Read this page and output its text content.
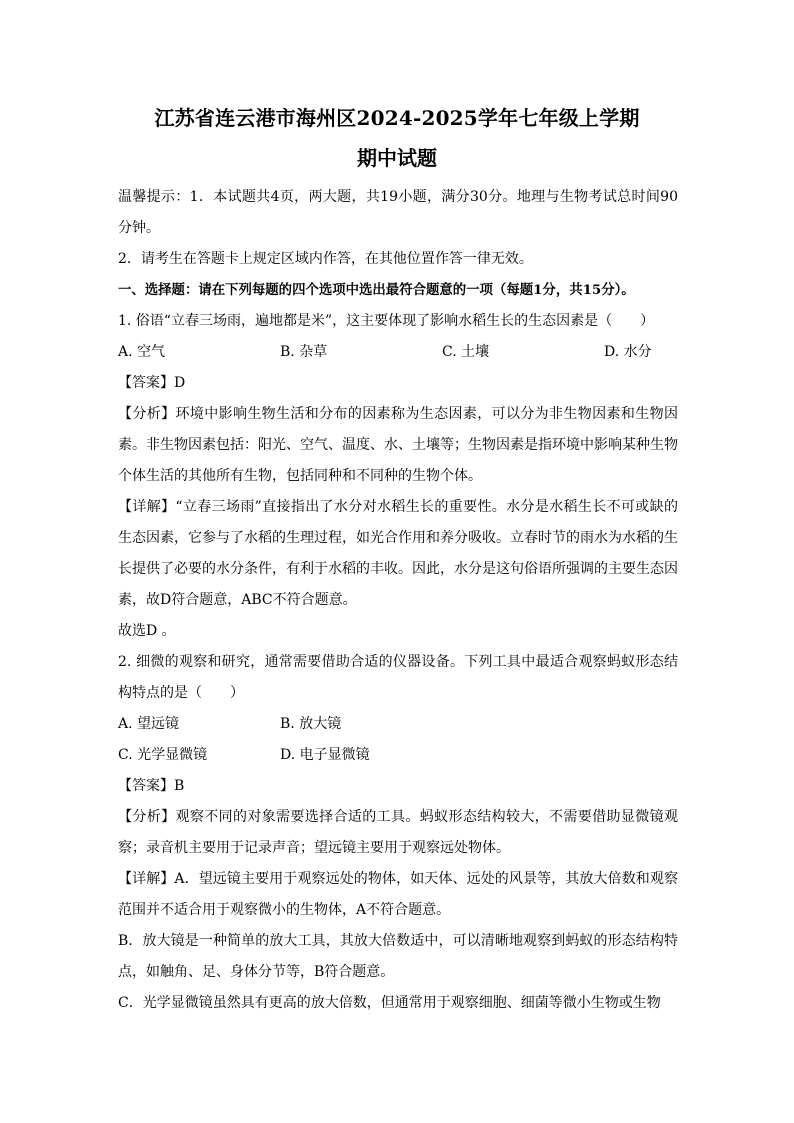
江苏省连云港市海州区2024-2025学年七年级上学期
期中试题

温馨提示：1．本试题共4页，两大题，共19小题，满分30分。地理与生物考试总时间90分钟。

2．请考生在答题卡上规定区域内作答，在其他位置作答一律无效。

一、选择题：请在下列每题的四个选项中选出最符合题意的一项（每题1分，共15分）。

1. 俗语“立春三场雨，遍地都是米”，这主要体现了影响水稻生长的生态因素是（　　）

A. 空气	B. 杂草	C. 土壤	D. 水分

【答案】D

【分析】环境中影响生物生活和分布的因素称为生态因素，可以分为非生物因素和生物因素。非生物因素包括：阳光、空气、温度、水、土壤等；生物因素是指环境中影响某种生物个体生活的其他所有生物，包括同种和不同种的生物个体。

【详解】“立春三场雨”直接指出了水分对水稻生长的重要性。水分是水稻生长不可或缺的生态因素，它参与了水稻的生理过程，如光合作用和养分吸收。立春时节的雨水为水稻的生长提供了必要的水分条件，有利于水稻的丰收。因此，水分是这句俗语所强调的主要生态因素，故D符合题意，ABC不符合题意。

故选D 。

2. 细微的观察和研究，通常需要借助合适的仪器设备。下列工具中最适合观察蚂蚁形态结构特点的是（　　）

A. 望远镜	B. 放大镜
C. 光学显微镜	D. 电子显微镜

【答案】B

【分析】观察不同的对象需要选择合适的工具。蚂蚁形态结构较大，不需要借助显微镜观察；录音机主要用于记录声音；望远镜主要用于观察远处物体。

【详解】A．望远镜主要用于观察远处的物体，如天体、远处的风景等，其放大倍数和观察范围并不适合用于观察微小的生物体，A不符合题意。

B．放大镜是一种简单的放大工具，其放大倍数适中，可以清晰地观察到蚂蚁的形态结构特点，如触角、足、身体分节等，B符合题意。

C．光学显微镜虽然具有更高的放大倍数，但通常用于观察细胞、细菌等微小生物或生物
